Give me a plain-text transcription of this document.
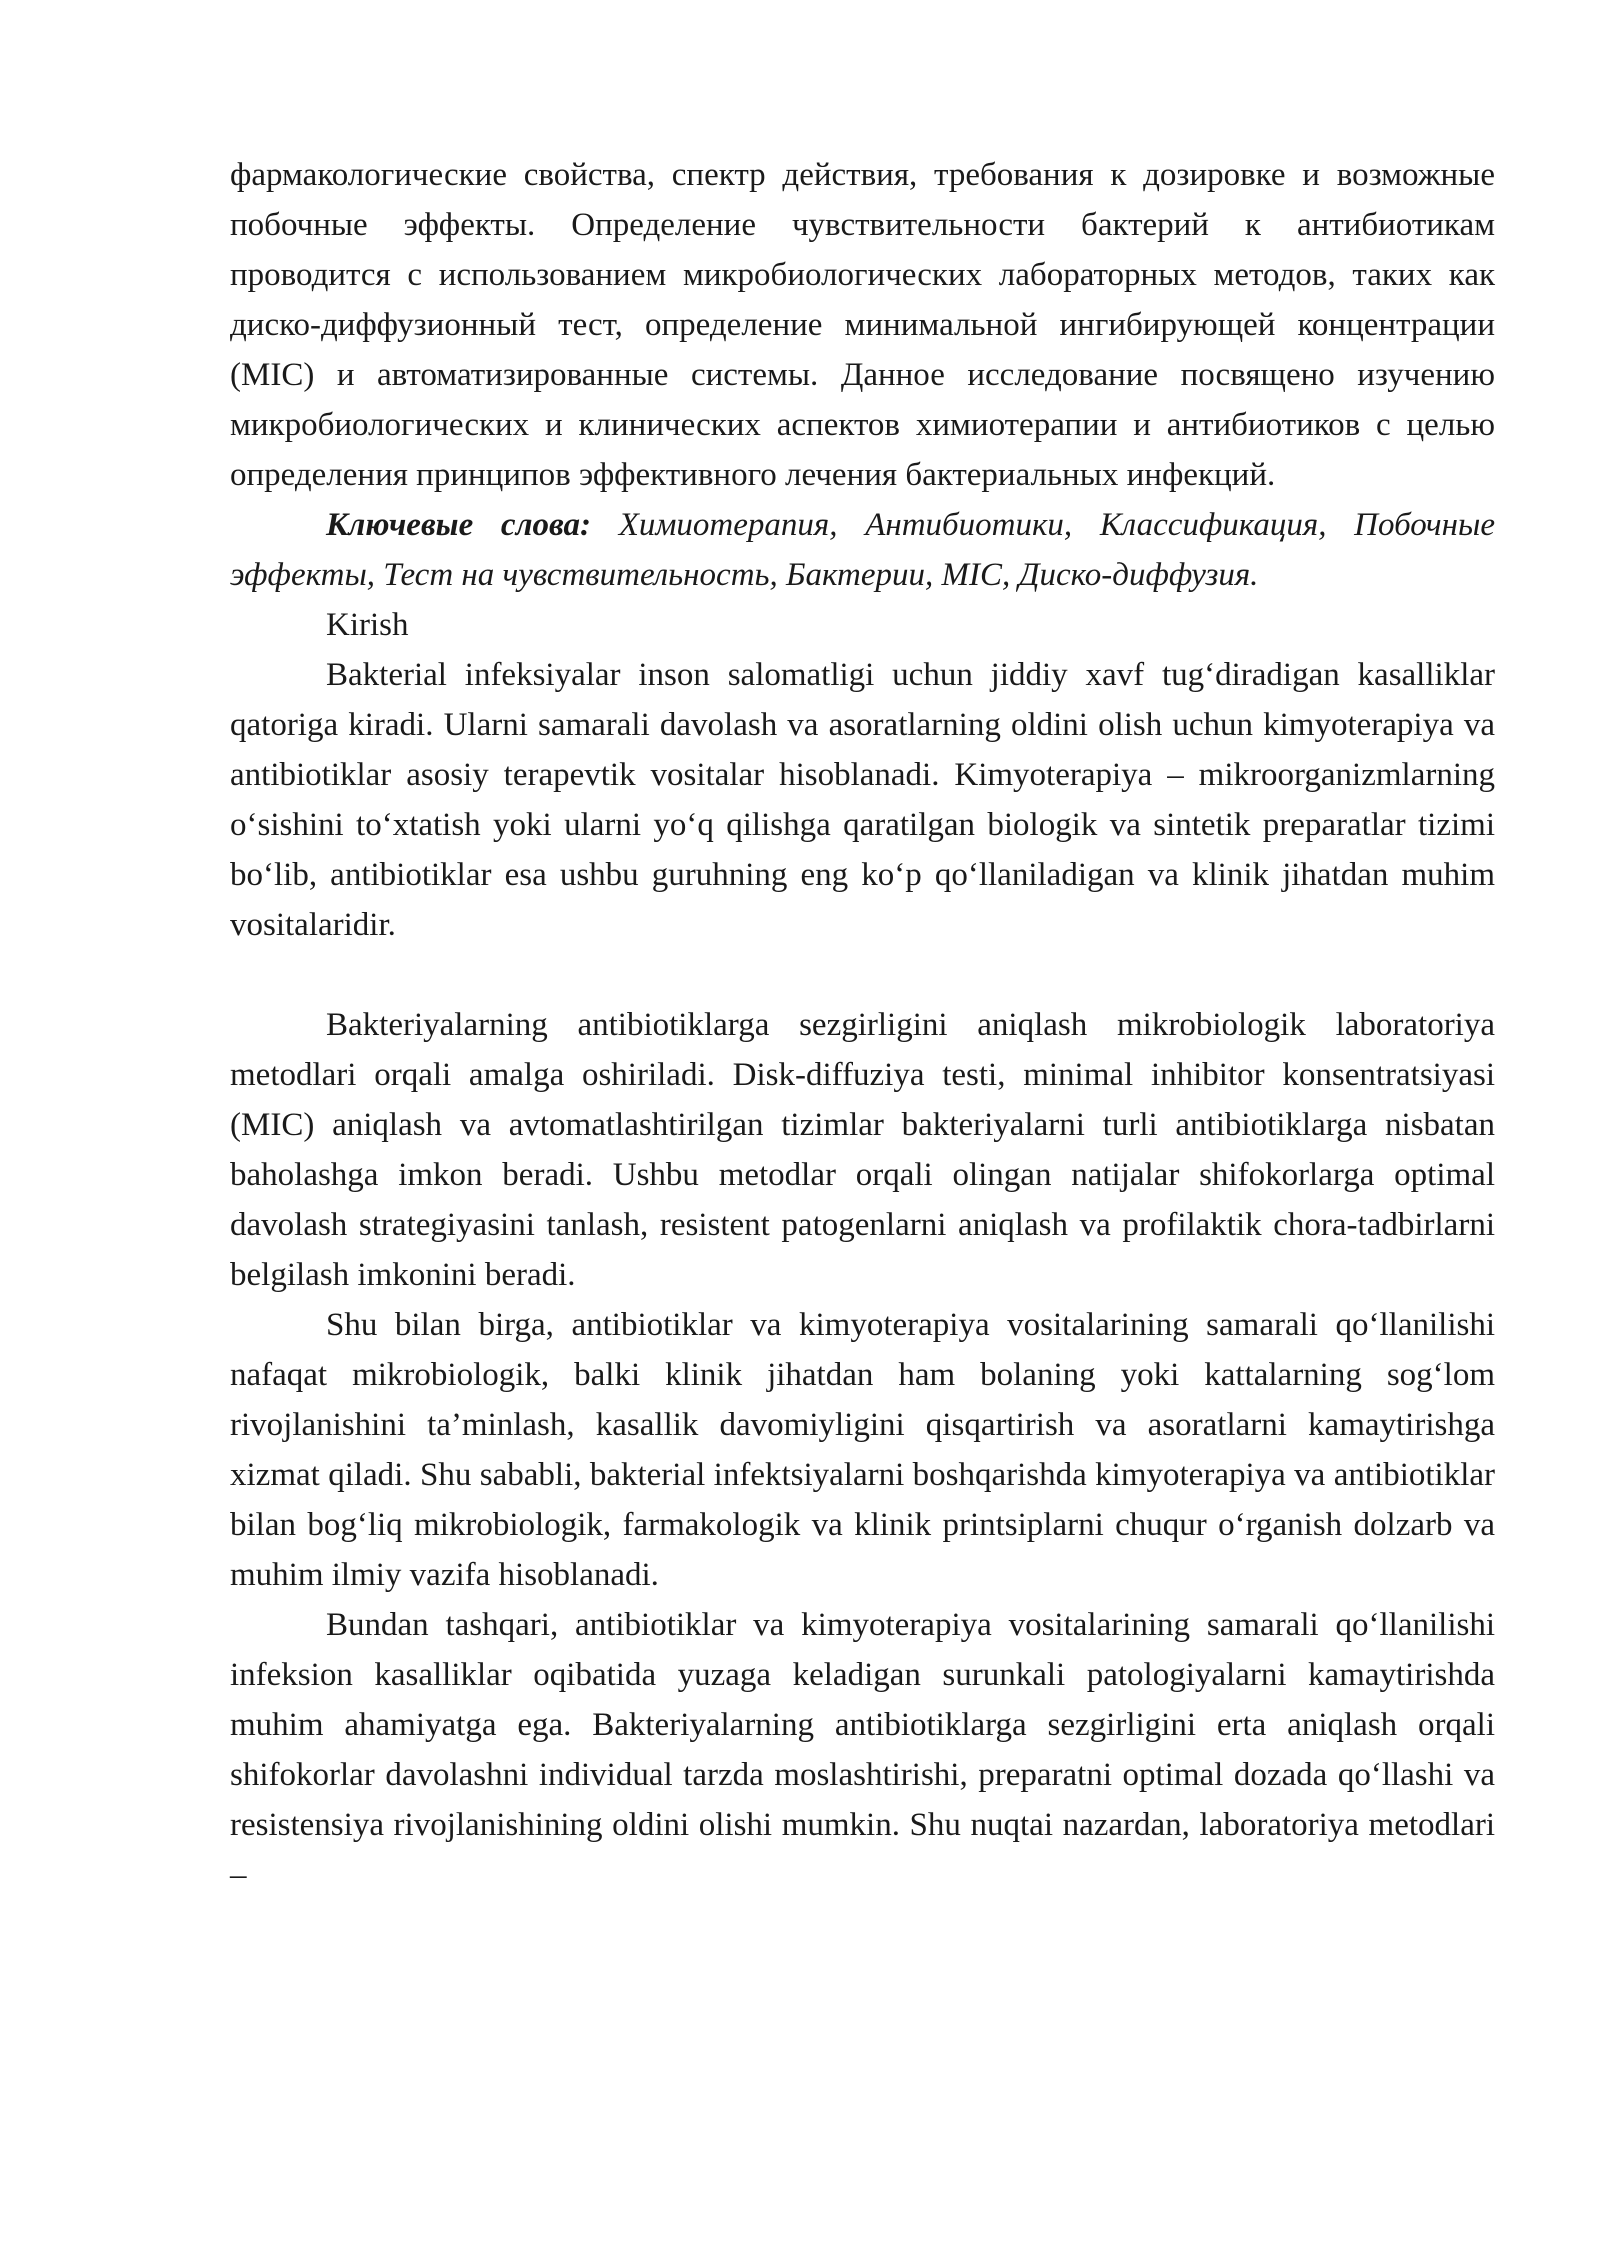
фармакологические свойства, спектр действия, требования к дозировке и возможные побочные эффекты. Определение чувствительности бактерий к антибиотикам проводится с использованием микробиологических лабораторных методов, таких как диско-диффузионный тест, определение минимальной ингибирующей концентрации (MIC) и автоматизированные системы. Данное исследование посвящено изучению микробиологических и клинических аспектов химиотерапии и антибиотиков с целью определения принципов эффективного лечения бактериальных инфекций.

Ключевые слова: Химиотерапия, Антибиотики, Классификация, Побочные эффекты, Тест на чувствительность, Бактерии, MIC, Диско-диффузия.

Kirish

Bakterial infeksiyalar inson salomatligi uchun jiddiy xavf tug‘diradigan kasalliklar qatoriga kiradi. Ularni samarali davolash va asoratlarning oldini olish uchun kimyoterapiya va antibiotiklar asosiy terapevtik vositalar hisoblanadi. Kimyoterapiya – mikroorganizmlarning o‘sishini to‘xtatish yoki ularni yo‘q qilishga qaratilgan biologik va sintetik preparatlar tizimi bo‘lib, antibiotiklar esa ushbu guruhning eng ko‘p qo‘llaniladigan va klinik jihatdan muhim vositalaridir.

Bakteriyalarning antibiotiklarga sezgirligini aniqlash mikrobiologik laboratoriya metodlari orqali amalga oshiriladi. Disk-diffuziya testi, minimal inhibitor konsentratsiyasi (MIC) aniqlash va avtomatlashtirilgan tizimlar bakteriyalarni turli antibiotiklarga nisbatan baholashga imkon beradi. Ushbu metodlar orqali olingan natijalar shifokorlarga optimal davolash strategiyasini tanlash, resistent patogenlarni aniqlash va profilaktik chora-tadbirlarni belgilash imkonini beradi.

Shu bilan birga, antibiotiklar va kimyoterapiya vositalarining samarali qo‘llanilishi nafaqat mikrobiologik, balki klinik jihatdan ham bolaning yoki kattalarning sog‘lom rivojlanishini ta’minlash, kasallik davomiyligini qisqartirish va asoratlarni kamaytirishga xizmat qiladi. Shu sababli, bakterial infektsiyalarni boshqarishda kimyoterapiya va antibiotiklar bilan bog‘liq mikrobiologik, farmakologik va klinik printsiplarni chuqur o‘rganish dolzarb va muhim ilmiy vazifa hisoblanadi.

Bundan tashqari, antibiotiklar va kimyoterapiya vositalarining samarali qo‘llanilishi infeksion kasalliklar oqibatida yuzaga keladigan surunkali patologiyalarni kamaytirishda muhim ahamiyatga ega. Bakteriyalarning antibiotiklarga sezgirligini erta aniqlash orqali shifokorlar davolashni individual tarzda moslashtirishi, preparatni optimal dozada qo‘llashi va resistensiya rivojlanishining oldini olishi mumkin. Shu nuqtai nazardan, laboratoriya metodlari –
